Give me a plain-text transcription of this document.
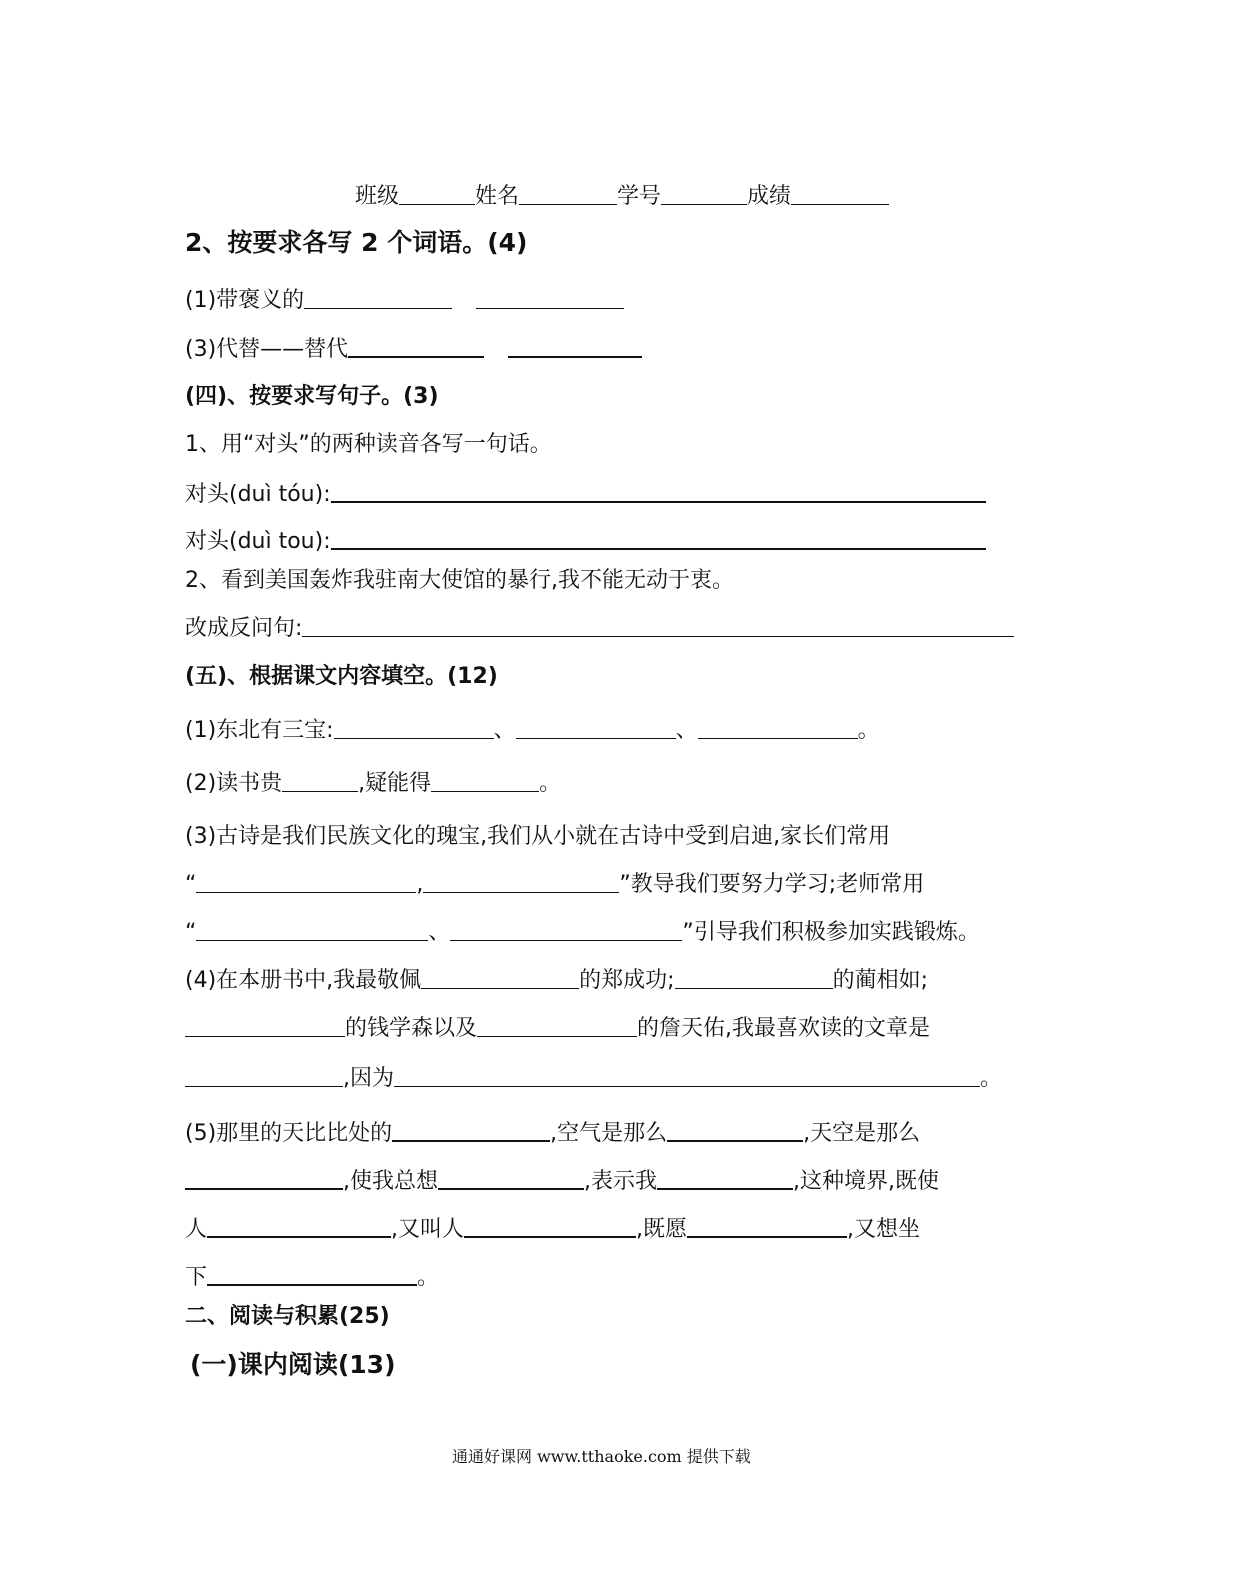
班级	姓名	学号	成绩
2、按要求各写 2 个词语。(4)
(1)带褒义的
(3)代替——替代
(四)、按要求写句子。(3)
1、用“对头”的两种读音各写一句话。
对头(duì tóu):
对头(duì tou):
2、看到美国轰炸我驻南大使馆的暴行,我不能无动于衷。
改成反问句:
(五)、根据课文内容填空。(12)
(1)东北有三宝:	、	、	。
(2)读书贵	,疑能得	。
(3)古诗是我们民族文化的瑰宝,我们从小就在古诗中受到启迪,家长们常用
“	,	”教导我们要努力学习;老师常用
“	、	”引导我们积极参加实践锻炼。
(4)在本册书中,我最敬佩	的郑成功;	的蔺相如;
的钱学森以及	的詹天佑,我最喜欢读的文章是
,因为	。
(5)那里的天比比处的	,空气是那么	,天空是那么
,使我总想	,表示我	,这种境界,既使
人	,又叫人	,既愿	,又想坐
下	。
二、阅读与积累(25)
(一)课内阅读(13)
通通好课网 www.tthaoke.com 提供下载
